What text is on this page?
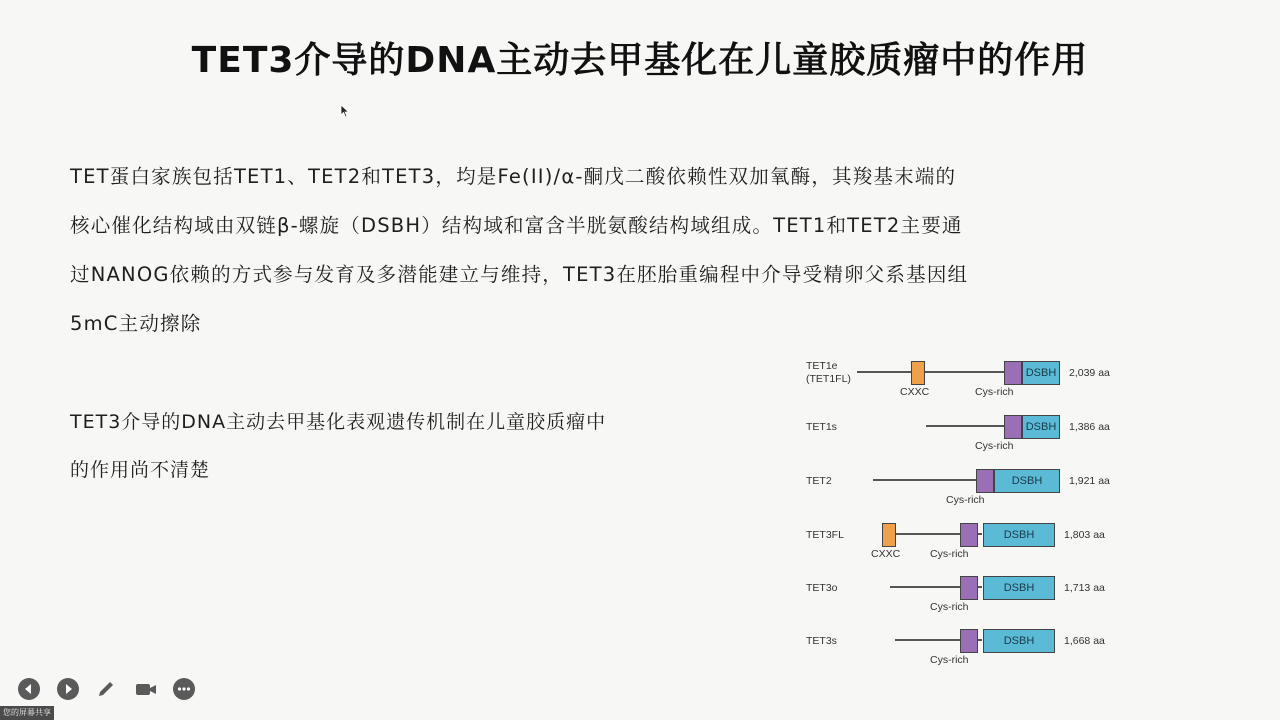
TET3介导的DNA主动去甲基化在儿童胶质瘤中的作用
TET蛋白家族包括TET1、TET2和TET3，均是Fe(II)/α-酮戊二酸依赖性双加氧酶，其羧基末端的
核心催化结构域由双链β-螺旋（DSBH）结构域和富含半胱氨酸结构域组成。TET1和TET2主要通
过NANOG依赖的方式参与发育及多潜能建立与维持，TET3在胚胎重编程中介导受精卵父系基因组
5mC主动擦除
TET3介导的DNA主动去甲基化表观遗传机制在儿童胶质瘤中
的作用尚不清楚
TET1e
(TET1FL)	DSBH	2,039 aa
CXXC	Cys-rich
TET1s	DSBH	1,386 aa
Cys-rich
TET2	DSBH	1,921 aa
Cys-rich
TET3FL	DSBH	1,803 aa
CXXC	Cys-rich
TET3o	DSBH	1,713 aa
Cys-rich
TET3s	DSBH	1,668 aa
Cys-rich
您的屏幕共享
